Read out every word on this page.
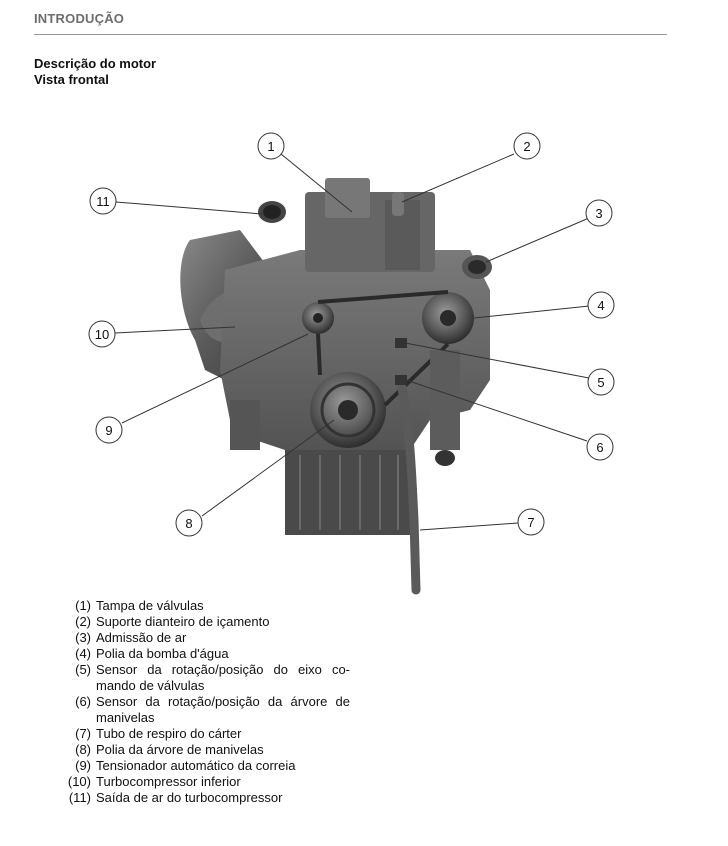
INTRODUÇÃO
Descrição do motor
Vista frontal
1	2
3
4
5
6
7
8
9
10
11
(1) Tampa de válvulas
(2) Suporte dianteiro de içamento
(3) Admissão de ar
(4) Polia da bomba d'água
(5) Sensor da rotação/posição do eixo co-mando de válvulas
(6) Sensor da rotação/posição da árvore de manivelas
(7) Tubo de respiro do cárter
(8) Polia da árvore de manivelas
(9) Tensionador automático da correia
(10) Turbocompressor inferior
(11) Saída de ar do turbocompressor
